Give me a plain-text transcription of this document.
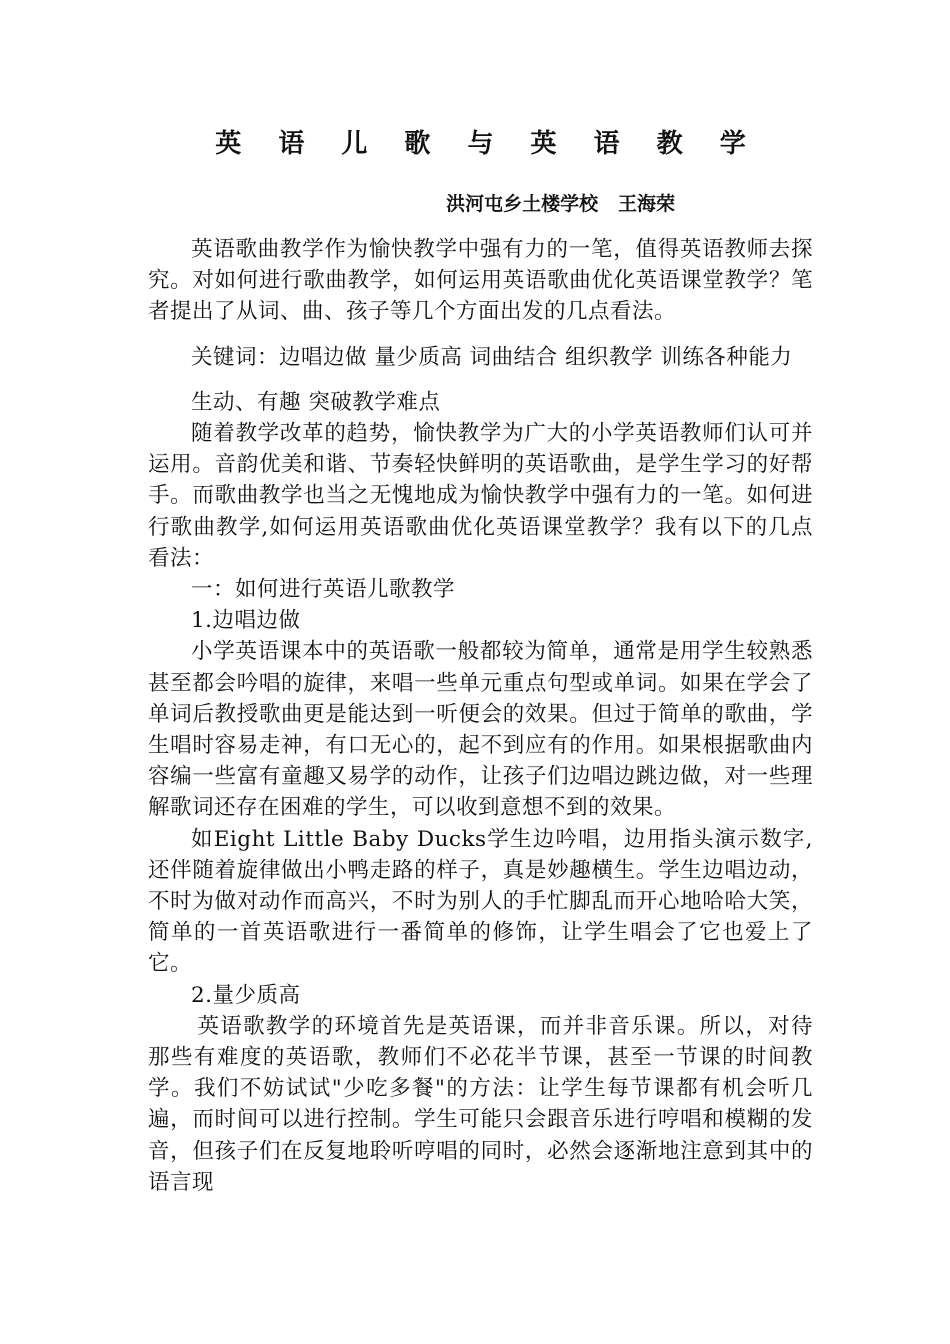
英 语 儿 歌 与 英 语 教 学
洪河屯乡土楼学校   王海荣

英语歌曲教学作为愉快教学中强有力的一笔，值得英语教师去探究。对如何进行歌曲教学，如何运用英语歌曲优化英语课堂教学？笔者提出了从词、曲、孩子等几个方面出发的几点看法。

关键词：边唱边做 量少质高 词曲结合 组织教学 训练各种能力

生动、有趣 突破教学难点

随着教学改革的趋势，愉快教学为广大的小学英语教师们认可并运用。音韵优美和谐、节奏轻快鲜明的英语歌曲，是学生学习的好帮手。而歌曲教学也当之无愧地成为愉快教学中强有力的一笔。如何进行歌曲教学,如何运用英语歌曲优化英语课堂教学？我有以下的几点看法：

一：如何进行英语儿歌教学

1.边唱边做

小学英语课本中的英语歌一般都较为简单，通常是用学生较熟悉甚至都会吟唱的旋律，来唱一些单元重点句型或单词。如果在学会了单词后教授歌曲更是能达到一听便会的效果。但过于简单的歌曲，学生唱时容易走神，有口无心的，起不到应有的作用。如果根据歌曲内容编一些富有童趣又易学的动作，让孩子们边唱边跳边做，对一些理解歌词还存在困难的学生，可以收到意想不到的效果。

如Eight Little Baby Ducks学生边吟唱，边用指头演示数字,还伴随着旋律做出小鸭走路的样子，真是妙趣横生。学生边唱边动，不时为做对动作而高兴，不时为别人的手忙脚乱而开心地哈哈大笑，简单的一首英语歌进行一番简单的修饰，让学生唱会了它也爱上了它。

2.量少质高

英语歌教学的环境首先是英语课，而并非音乐课。所以，对待那些有难度的英语歌，教师们不必花半节课，甚至一节课的时间教学。我们不妨试试"少吃多餐"的方法：让学生每节课都有机会听几遍，而时间可以进行控制。学生可能只会跟音乐进行哼唱和模糊的发音，但孩子们在反复地聆听哼唱的同时，必然会逐渐地注意到其中的语言现
